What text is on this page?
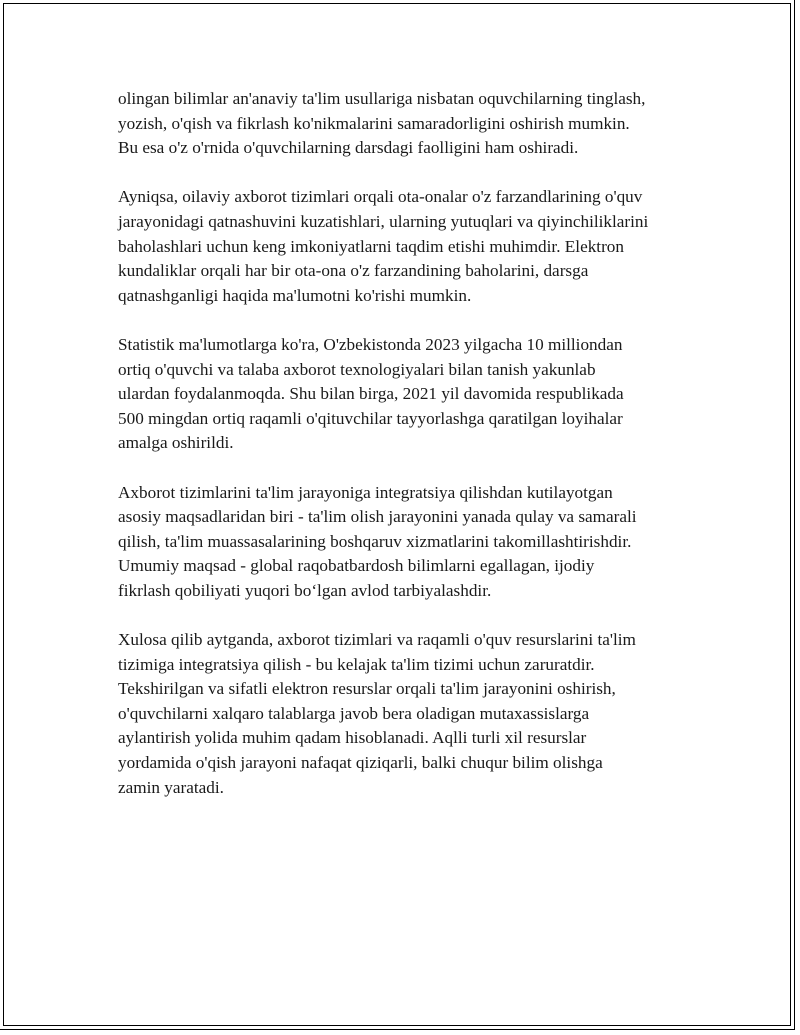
olingan bilimlar an'anaviy ta'lim usullariga nisbatan oquvchilarning tinglash,
yozish, o'qish va fikrlash ko'nikmalarini samaradorligini oshirish mumkin.
Bu esa o'z o'rnida o'quvchilarning darsdagi faolligini ham oshiradi.

Ayniqsa, oilaviy axborot tizimlari orqali ota-onalar o'z farzandlarining o'quv
jarayonidagi qatnashuvini kuzatishlari, ularning yutuqlari va qiyinchiliklarini
baholashlari uchun keng imkoniyatlarni taqdim etishi muhimdir. Elektron
kundaliklar orqali har bir ota-ona o'z farzandining baholarini, darsga
qatnashganligi haqida ma'lumotni ko'rishi mumkin.

Statistik ma'lumotlarga ko'ra, O'zbekistonda 2023 yilgacha 10 milliondan
ortiq o'quvchi va talaba axborot texnologiyalari bilan tanish yakunlab
ulardan foydalanmoqda. Shu bilan birga, 2021 yil davomida respublikada
500 mingdan ortiq raqamli o'qituvchilar tayyorlashga qaratilgan loyihalar
amalga oshirildi.

Axborot tizimlarini ta'lim jarayoniga integratsiya qilishdan kutilayotgan
asosiy maqsadlaridan biri - ta'lim olish jarayonini yanada qulay va samarali
qilish, ta'lim muassasalarining boshqaruv xizmatlarini takomillashtirishdir.
Umumiy maqsad - global raqobatbardosh bilimlarni egallagan, ijodiy
fikrlash qobiliyati yuqori bo‘lgan avlod tarbiyalashdir.

Xulosa qilib aytganda, axborot tizimlari va raqamli o'quv resurslarini ta'lim
tizimiga integratsiya qilish - bu kelajak ta'lim tizimi uchun zaruratdir.
Tekshirilgan va sifatli elektron resurslar orqali ta'lim jarayonini oshirish,
o'quvchilarni xalqaro talablarga javob bera oladigan mutaxassislarga
aylantirish yolida muhim qadam hisoblanadi. Aqlli turli xil resurslar
yordamida o'qish jarayoni nafaqat qiziqarli, balki chuqur bilim olishga
zamin yaratadi.
